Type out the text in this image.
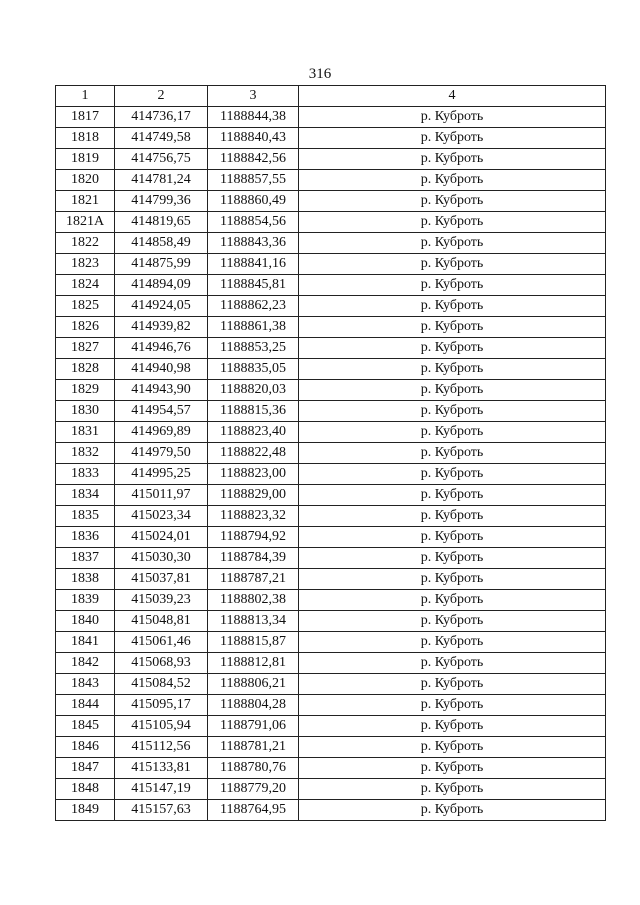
316
1	2	3	4
1817	414736,17	1188844,38	р. Куброть
1818	414749,58	1188840,43	р. Куброть
1819	414756,75	1188842,56	р. Куброть
1820	414781,24	1188857,55	р. Куброть
1821	414799,36	1188860,49	р. Куброть
1821А	414819,65	1188854,56	р. Куброть
1822	414858,49	1188843,36	р. Куброть
1823	414875,99	1188841,16	р. Куброть
1824	414894,09	1188845,81	р. Куброть
1825	414924,05	1188862,23	р. Куброть
1826	414939,82	1188861,38	р. Куброть
1827	414946,76	1188853,25	р. Куброть
1828	414940,98	1188835,05	р. Куброть
1829	414943,90	1188820,03	р. Куброть
1830	414954,57	1188815,36	р. Куброть
1831	414969,89	1188823,40	р. Куброть
1832	414979,50	1188822,48	р. Куброть
1833	414995,25	1188823,00	р. Куброть
1834	415011,97	1188829,00	р. Куброть
1835	415023,34	1188823,32	р. Куброть
1836	415024,01	1188794,92	р. Куброть
1837	415030,30	1188784,39	р. Куброть
1838	415037,81	1188787,21	р. Куброть
1839	415039,23	1188802,38	р. Куброть
1840	415048,81	1188813,34	р. Куброть
1841	415061,46	1188815,87	р. Куброть
1842	415068,93	1188812,81	р. Куброть
1843	415084,52	1188806,21	р. Куброть
1844	415095,17	1188804,28	р. Куброть
1845	415105,94	1188791,06	р. Куброть
1846	415112,56	1188781,21	р. Куброть
1847	415133,81	1188780,76	р. Куброть
1848	415147,19	1188779,20	р. Куброть
1849	415157,63	1188764,95	р. Куброть
